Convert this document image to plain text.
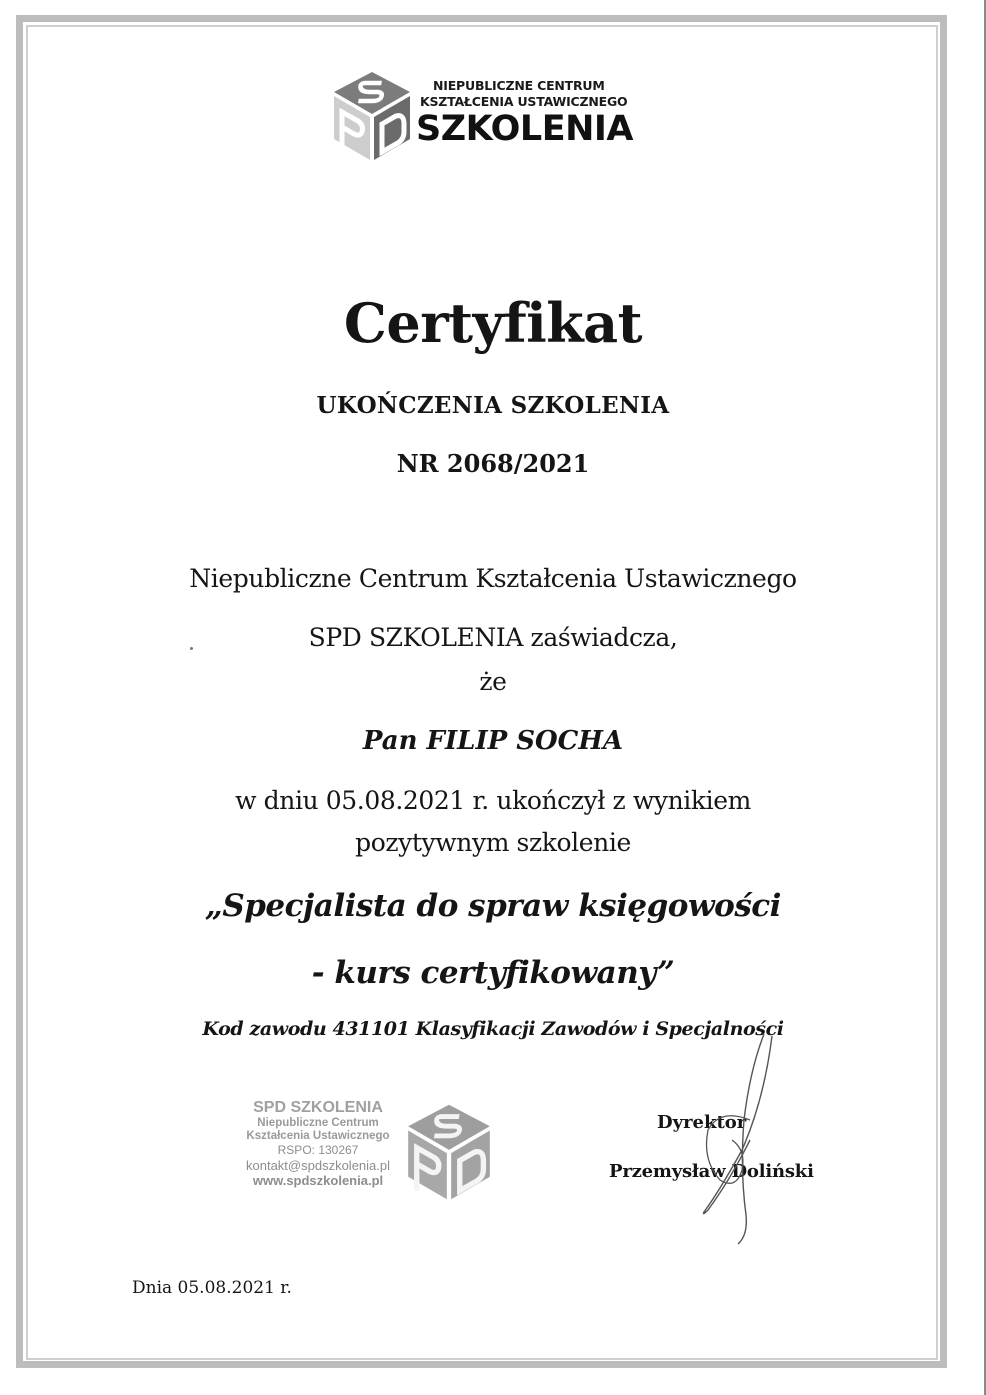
NIEPUBLICZNE CENTRUM
KSZTAŁCENIA USTAWICZNEGO
SZKOLENIA
Certyfikat
UKOŃCZENIA SZKOLENIA
NR 2068/2021
Niepubliczne Centrum Kształcenia Ustawicznego
SPD SZKOLENIA zaświadcza,
że
Pan FILIP SOCHA
w dniu 05.08.2021 r. ukończył z wynikiem
pozytywnym szkolenie
„Specjalista do spraw księgowości
- kurs certyfikowany”
Kod zawodu 431101 Klasyfikacji Zawodów i Specjalności
SPD SZKOLENIA
Niepubliczne Centrum
Kształcenia Ustawicznego
RSPO: 130267
kontakt@spdszkolenia.pl
www.spdszkolenia.pl
Dyrektor
Przemysław Doliński
Dnia 05.08.2021 r.
